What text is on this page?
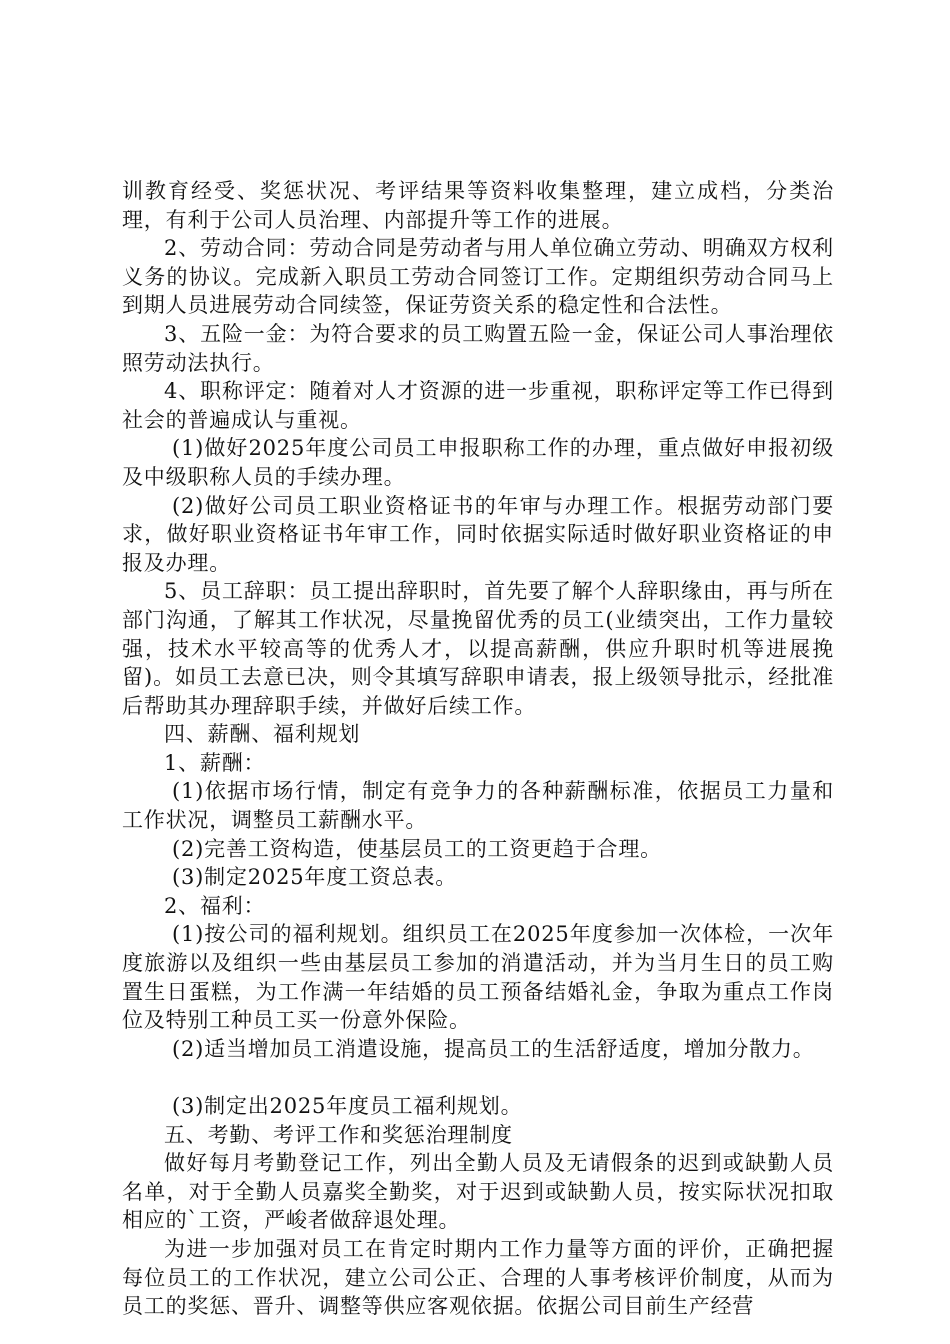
训教育经受、奖惩状况、考评结果等资料收集整理，建立成档，分类治理，有利于公司人员治理、内部提升等工作的进展。

2、劳动合同：劳动合同是劳动者与用人单位确立劳动、明确双方权利义务的协议。完成新入职员工劳动合同签订工作。定期组织劳动合同马上到期人员进展劳动合同续签，保证劳资关系的稳定性和合法性。

3、五险一金：为符合要求的员工购置五险一金，保证公司人事治理依照劳动法执行。

4、职称评定：随着对人才资源的进一步重视，职称评定等工作已得到社会的普遍成认与重视。

(1)做好2025年度公司员工申报职称工作的办理，重点做好申报初级及中级职称人员的手续办理。

(2)做好公司员工职业资格证书的年审与办理工作。根据劳动部门要求，做好职业资格证书年审工作，同时依据实际适时做好职业资格证的申报及办理。

5、员工辞职：员工提出辞职时，首先要了解个人辞职缘由，再与所在部门沟通，了解其工作状况，尽量挽留优秀的员工(业绩突出，工作力量较强，技术水平较高等的优秀人才，以提高薪酬，供应升职时机等进展挽留)。如员工去意已决，则令其填写辞职申请表，报上级领导批示，经批准后帮助其办理辞职手续，并做好后续工作。

四、薪酬、福利规划

1、薪酬：

(1)依据市场行情，制定有竞争力的各种薪酬标准，依据员工力量和工作状况，调整员工薪酬水平。

(2)完善工资构造，使基层员工的工资更趋于合理。

(3)制定2025年度工资总表。

2、福利：

(1)按公司的福利规划。组织员工在2025年度参加一次体检，一次年度旅游以及组织一些由基层员工参加的消遣活动，并为当月生日的员工购置生日蛋糕，为工作满一年结婚的员工预备结婚礼金，争取为重点工作岗位及特别工种员工买一份意外保险。

(2)适当增加员工消遣设施，提高员工的生活舒适度，增加分散力。

(3)制定出2025年度员工福利规划。

五、考勤、考评工作和奖惩治理制度

做好每月考勤登记工作，列出全勤人员及无请假条的迟到或缺勤人员名单，对于全勤人员嘉奖全勤奖，对于迟到或缺勤人员，按实际状况扣取相应的`工资，严峻者做辞退处理。

为进一步加强对员工在肯定时期内工作力量等方面的评价，正确把握每位员工的工作状况，建立公司公正、合理的人事考核评价制度，从而为员工的奖惩、晋升、调整等供应客观依据。依据公司目前生产经营
